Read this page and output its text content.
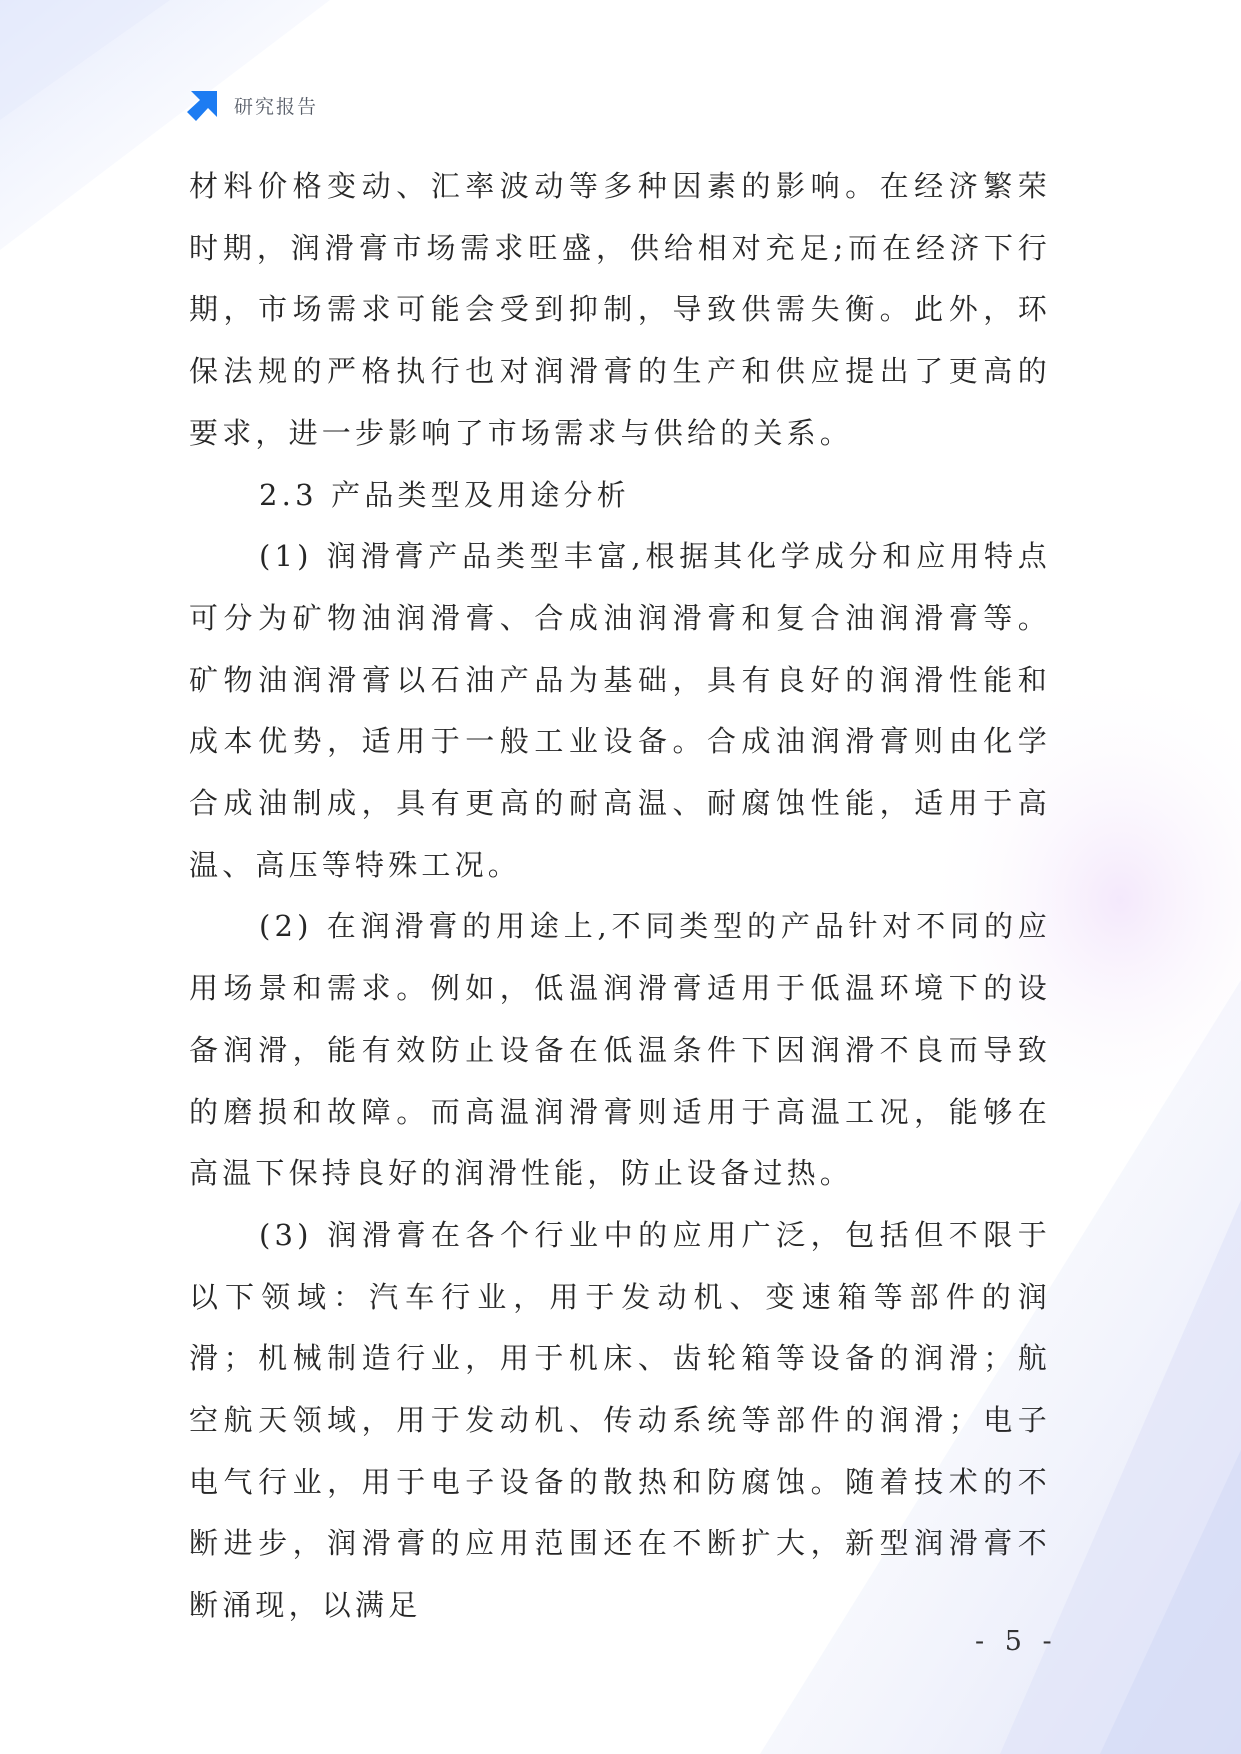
研究报告

材料价格变动、汇率波动等多种因素的影响。在经济繁荣时期，润滑膏市场需求旺盛，供给相对充足;而在经济下行期，市场需求可能会受到抑制，导致供需失衡。此外，环保法规的严格执行也对润滑膏的生产和供应提出了更高的要求，进一步影响了市场需求与供给的关系。

2.3 产品类型及用途分析

(1) 润滑膏产品类型丰富,根据其化学成分和应用特点可分为矿物油润滑膏、合成油润滑膏和复合油润滑膏等。矿物油润滑膏以石油产品为基础，具有良好的润滑性能和成本优势，适用于一般工业设备。合成油润滑膏则由化学合成油制成，具有更高的耐高温、耐腐蚀性能，适用于高温、高压等特殊工况。

(2) 在润滑膏的用途上,不同类型的产品针对不同的应用场景和需求。例如，低温润滑膏适用于低温环境下的设备润滑，能有效防止设备在低温条件下因润滑不良而导致的磨损和故障。而高温润滑膏则适用于高温工况，能够在高温下保持良好的润滑性能，防止设备过热。

(3) 润滑膏在各个行业中的应用广泛，包括但不限于以下领域：汽车行业，用于发动机、变速箱等部件的润滑；机械制造行业，用于机床、齿轮箱等设备的润滑；航空航天领域，用于发动机、传动系统等部件的润滑；电子电气行业，用于电子设备的散热和防腐蚀。随着技术的不断进步，润滑膏的应用范围还在不断扩大，新型润滑膏不断涌现，以满足

- 5 -
